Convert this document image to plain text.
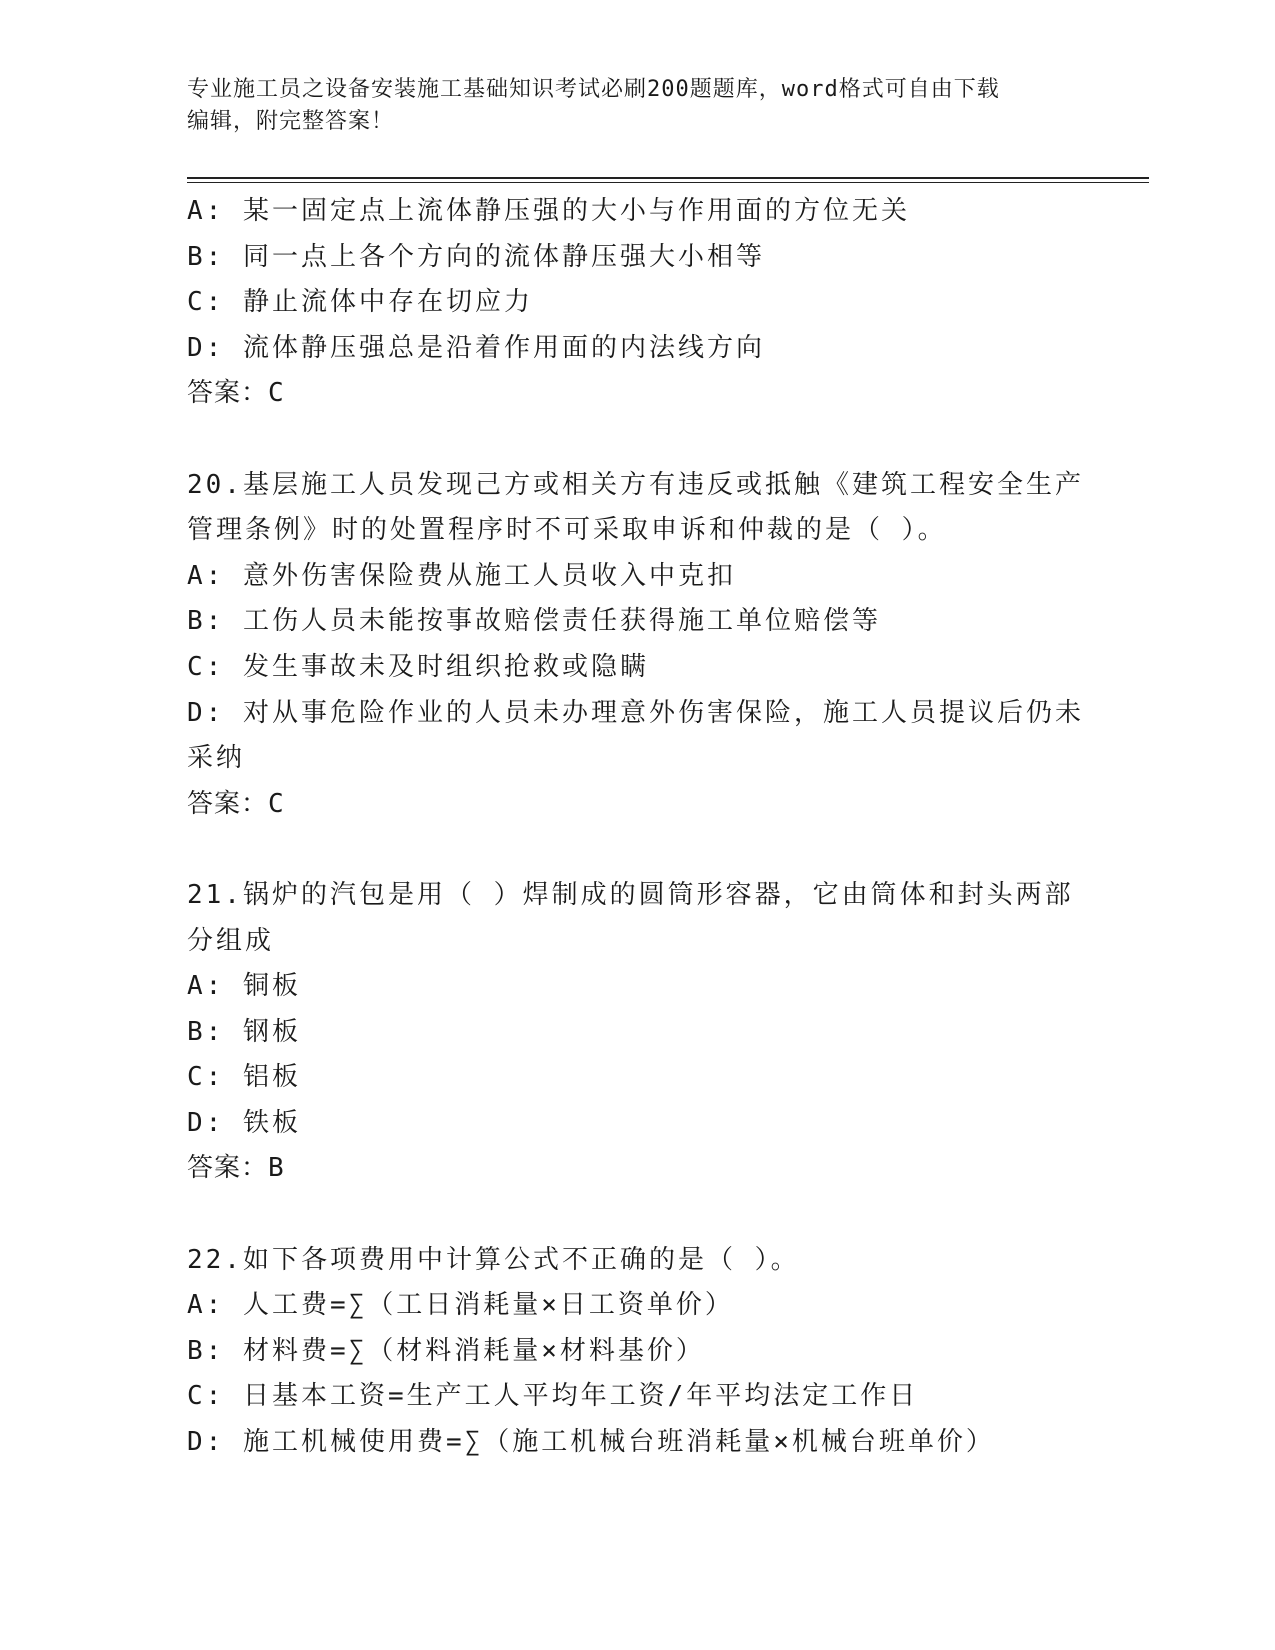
专业施工员之设备安装施工基础知识考试必刷200题题库，word格式可自由下载
编辑，附完整答案！
A: 某一固定点上流体静压强的大小与作用面的方位无关
B: 同一点上各个方向的流体静压强大小相等
C: 静止流体中存在切应力
D: 流体静压强总是沿着作用面的内法线方向
答案：C
20.基层施工人员发现己方或相关方有违反或抵触《建筑工程安全生产
管理条例》时的处置程序时不可采取申诉和仲裁的是（ ）。
A: 意外伤害保险费从施工人员收入中克扣
B: 工伤人员未能按事故赔偿责任获得施工单位赔偿等
C: 发生事故未及时组织抢救或隐瞒
D: 对从事危险作业的人员未办理意外伤害保险，施工人员提议后仍未
采纳
答案：C
21.锅炉的汽包是用（ ）焊制成的圆筒形容器，它由筒体和封头两部
分组成
A: 铜板
B: 钢板
C: 铝板
D: 铁板
答案：B
22.如下各项费用中计算公式不正确的是（ ）。
A: 人工费=∑（工日消耗量×日工资单价）
B: 材料费=∑（材料消耗量×材料基价）
C: 日基本工资=生产工人平均年工资/年平均法定工作日
D: 施工机械使用费=∑（施工机械台班消耗量×机械台班单价）
